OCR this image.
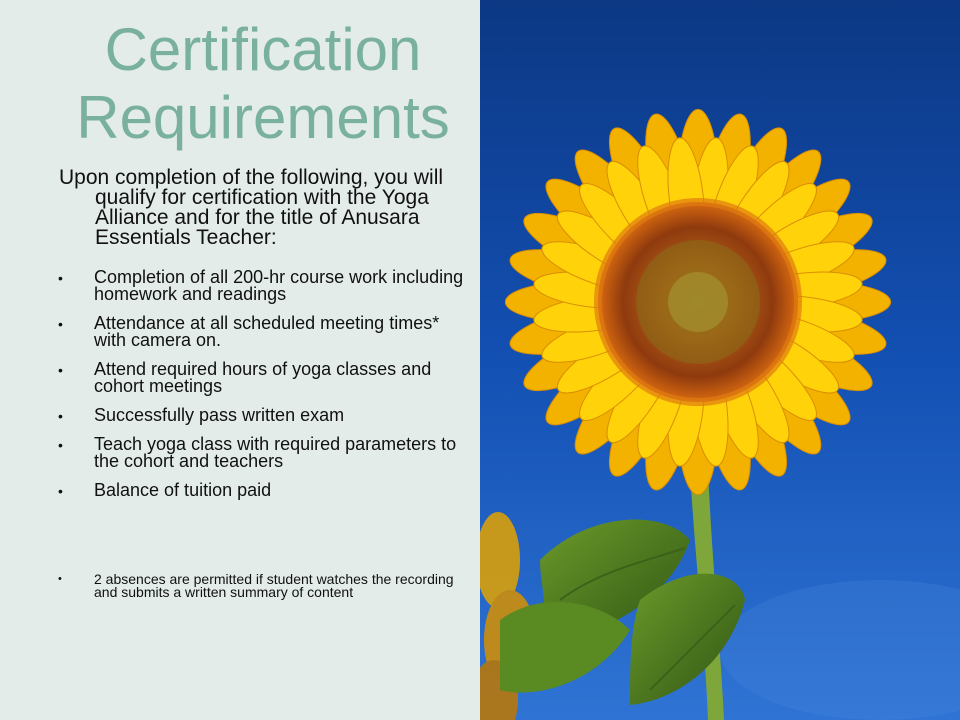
Certification Requirements

Upon completion of the following, you will qualify for certification with the Yoga Alliance and for the title of Anusara Essentials Teacher:

• Completion of all 200-hr course work including homework and readings
• Attendance at all scheduled meeting times* with camera on.
• Attend required hours of yoga classes and cohort meetings
• Successfully pass written exam
• Teach yoga class with required parameters to the cohort and teachers
• Balance of tuition paid
• 2 absences are permitted if student watches the recording and submits a written summary of content
